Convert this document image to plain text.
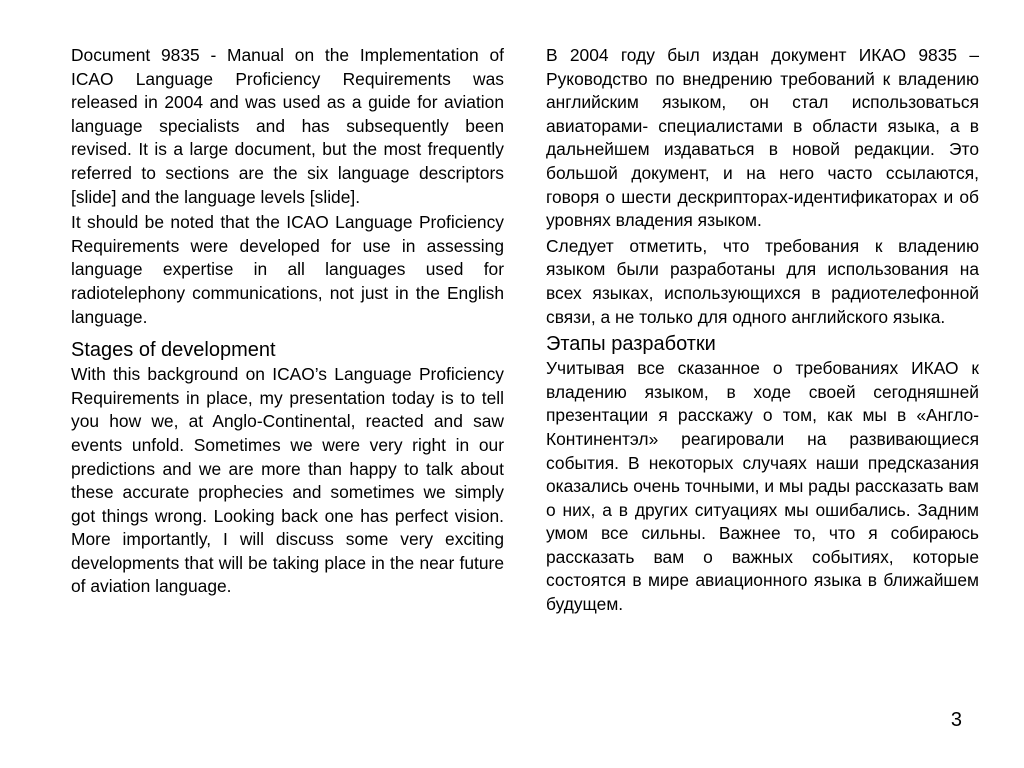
Document 9835 - Manual on the Implementation of ICAO Language Proficiency Requirements was released in 2004 and was used as a guide for aviation language specialists and has subsequently been revised. It is a large document, but the most frequently referred to sections are the six language descriptors [slide] and the language levels [slide].

It should be noted that the ICAO Language Proficiency Requirements were developed for use in assessing language expertise in all languages used for radiotelephony communications, not just in the English language.

Stages of development

With this background on ICAO’s Language Proficiency Requirements in place, my presentation today is to tell you how we, at Anglo-Continental, reacted and saw events unfold. Sometimes we were very right in our predictions and we are more than happy to talk about these accurate prophecies and sometimes we simply got things wrong. Looking back one has perfect vision. More importantly, I will discuss some very exciting developments that will be taking place in the near future of aviation language.

В 2004 году был издан документ ИКАО 9835 – Руководство по внедрению требований к владению английским языком, он стал использоваться авиаторами- специалистами в области языка, а в дальнейшем издаваться в новой редакции. Это большой документ, и на него часто ссылаются, говоря о шести дескрипторах-идентификаторах и об уровнях владения языком.

Следует отметить, что требования к владению языком были разработаны для использования на всех языках, использующихся в радиотелефонной связи, а не только для одного английского языка.

Этапы разработки

Учитывая все сказанное о требованиях ИКАО к владению языком, в ходе своей сегодняшней презентации я расскажу о том, как мы в «Англо-Континентэл» реагировали на развивающиеся события. В некоторых случаях наши предсказания оказались очень точными, и мы рады рассказать вам о них, а в других ситуациях мы ошибались. Задним умом все сильны. Важнее то, что я собираюсь рассказать вам о важных событиях, которые состоятся в мире авиационного языка в ближайшем будущем.

3
